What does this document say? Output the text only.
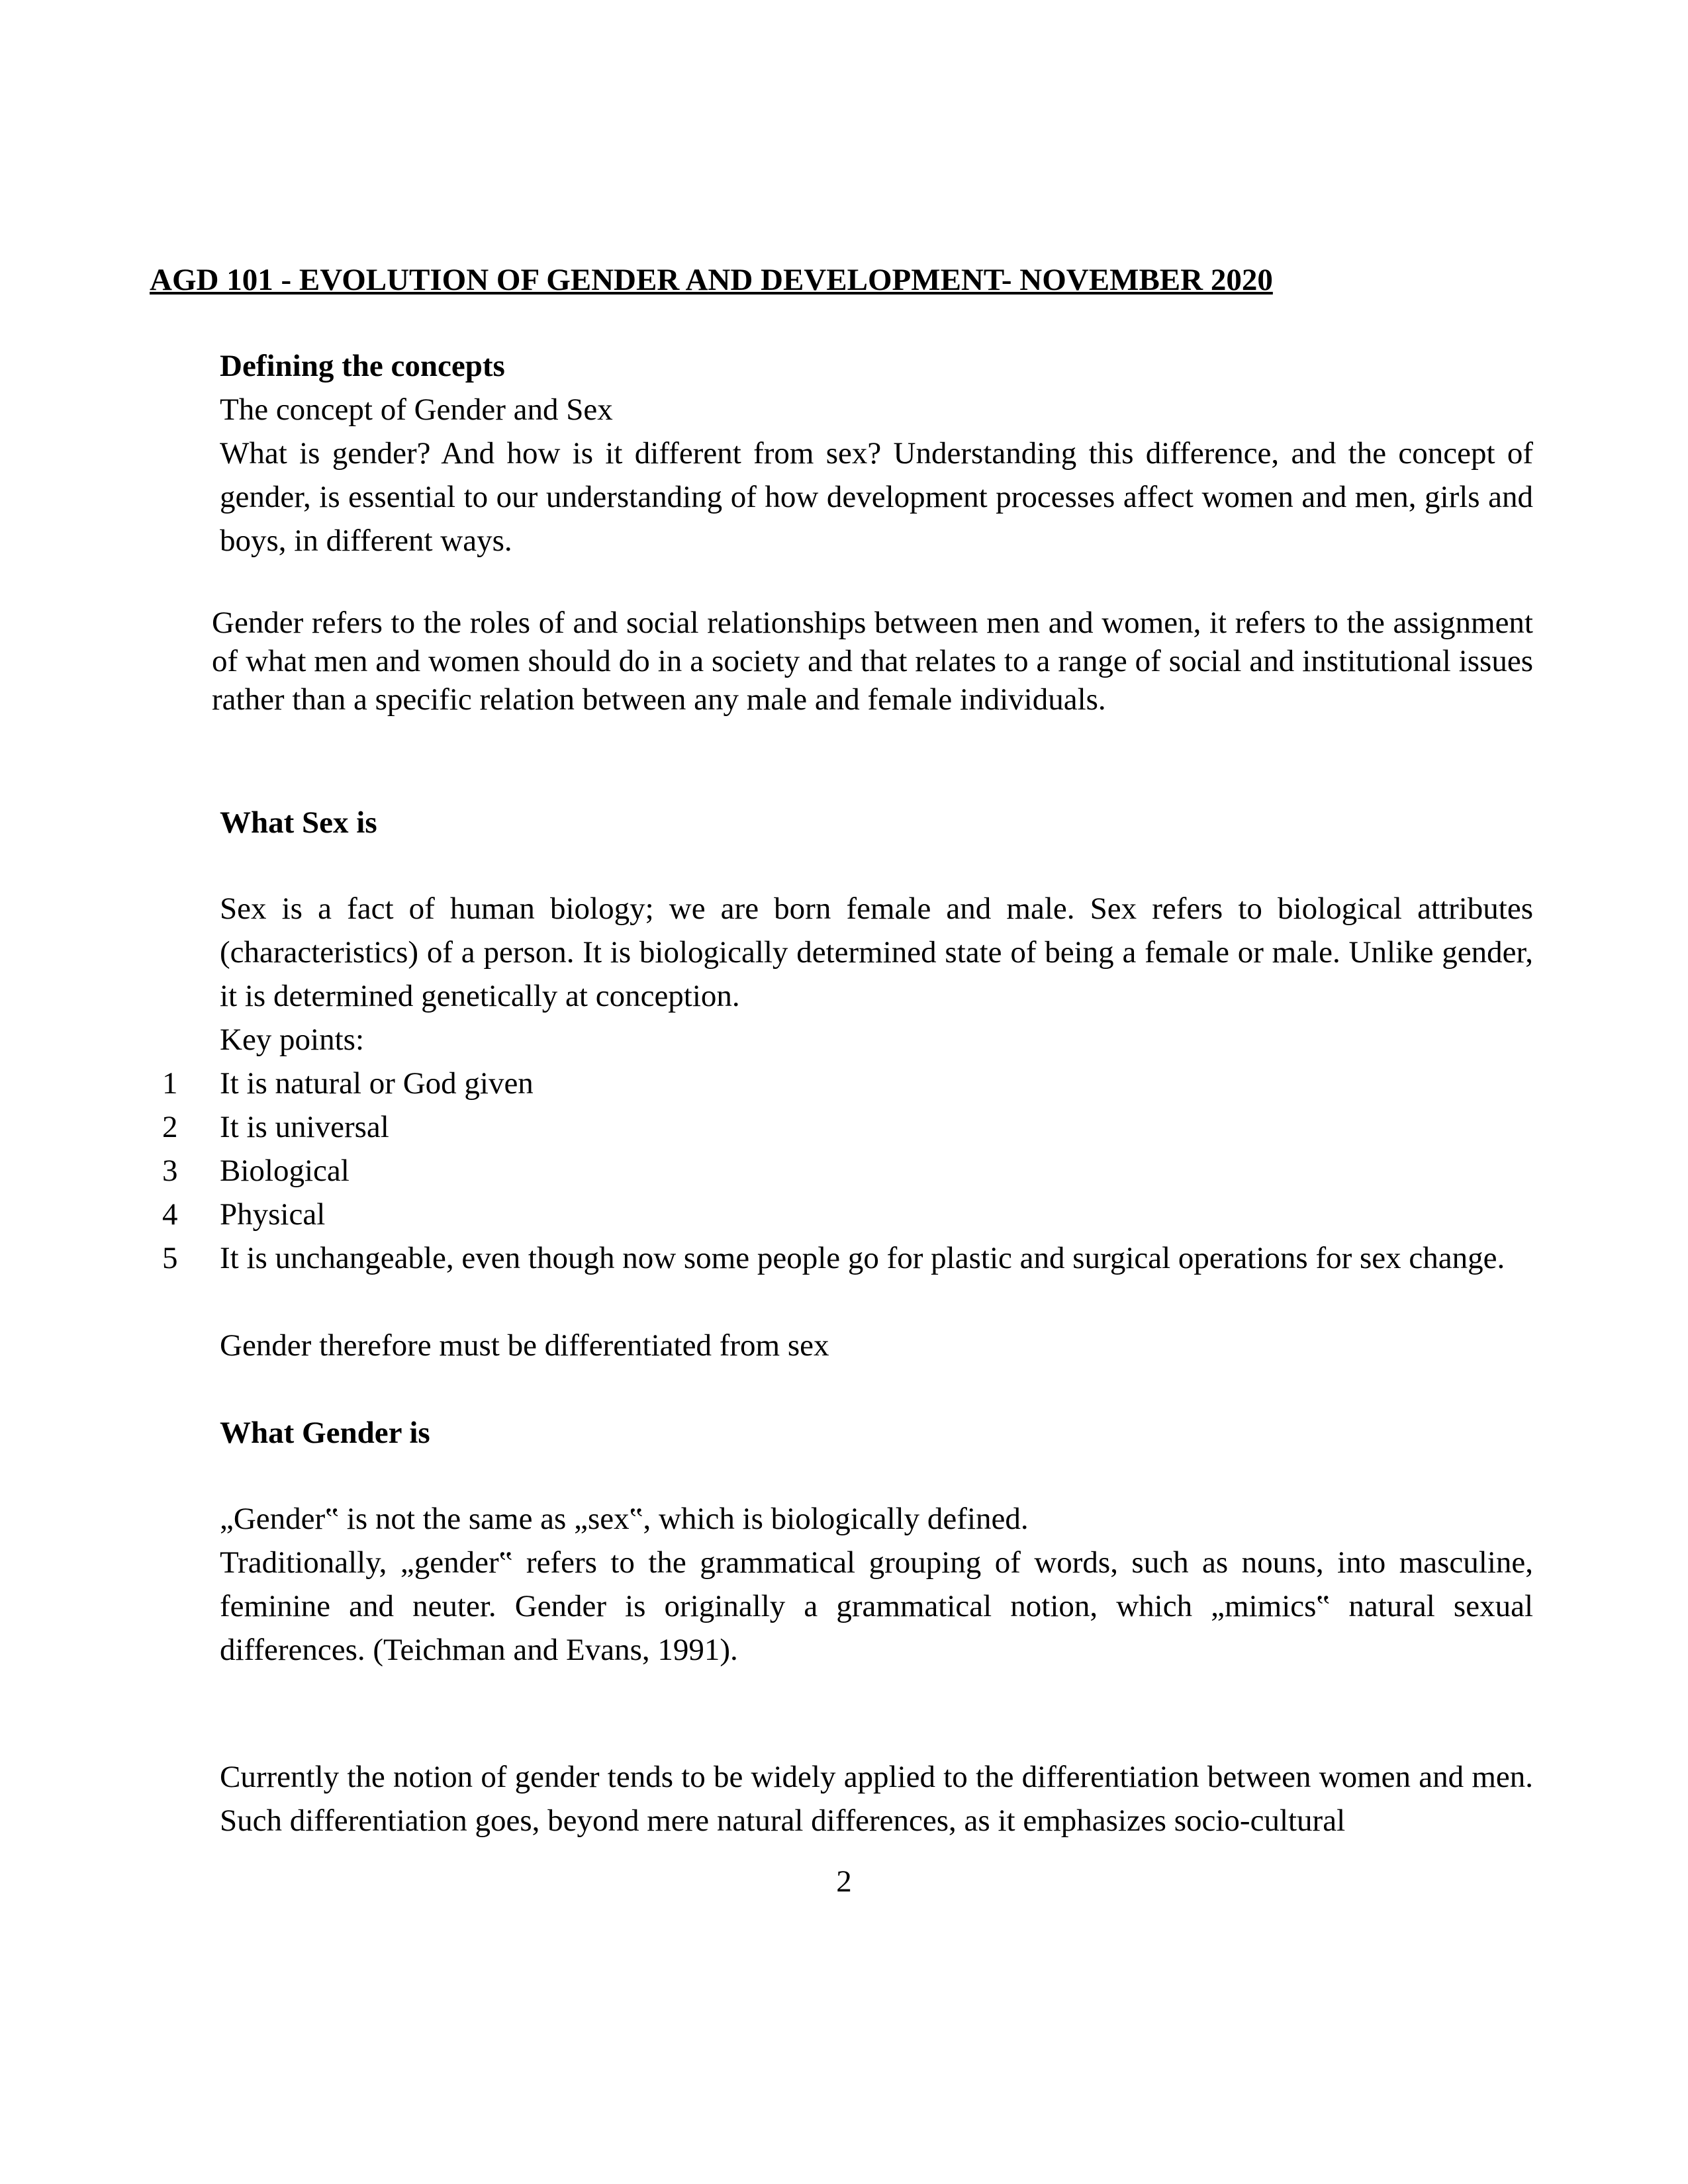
AGD 101 - EVOLUTION OF GENDER AND DEVELOPMENT- NOVEMBER 2020
Defining the concepts
The concept of Gender and Sex

What is gender? And how is it different from sex? Understanding this difference, and the concept of gender, is essential to our understanding of how development processes affect women and men, girls and boys, in different ways.

Gender refers to the roles of and social relationships between men and women, it refers to the assignment of what men and women should do in a society and that relates to a range of social and institutional issues rather than a specific relation between any male and female individuals.

What Sex is

Sex is a fact of human biology; we are born female and male. Sex refers to biological attributes (characteristics) of a person. It is biologically determined state of being a female or male. Unlike gender, it is determined genetically at conception.

Key points:
1	It is natural or God given
2	It is universal
3	Biological
4	Physical
5	It is unchangeable, even though now some people go for plastic and surgical operations for sex change.
Gender therefore must be differentiated from sex
What Gender is
„Gender‟ is not the same as „sex‟, which is biologically defined.

Traditionally, „gender‟ refers to the grammatical grouping of words, such as nouns, into masculine, feminine and neuter. Gender is originally a grammatical notion, which „mimics‟ natural sexual differences. (Teichman and Evans, 1991).

Currently the notion of gender tends to be widely applied to the differentiation between women and men. Such differentiation goes, beyond mere natural differences, as it emphasizes socio-cultural

2
